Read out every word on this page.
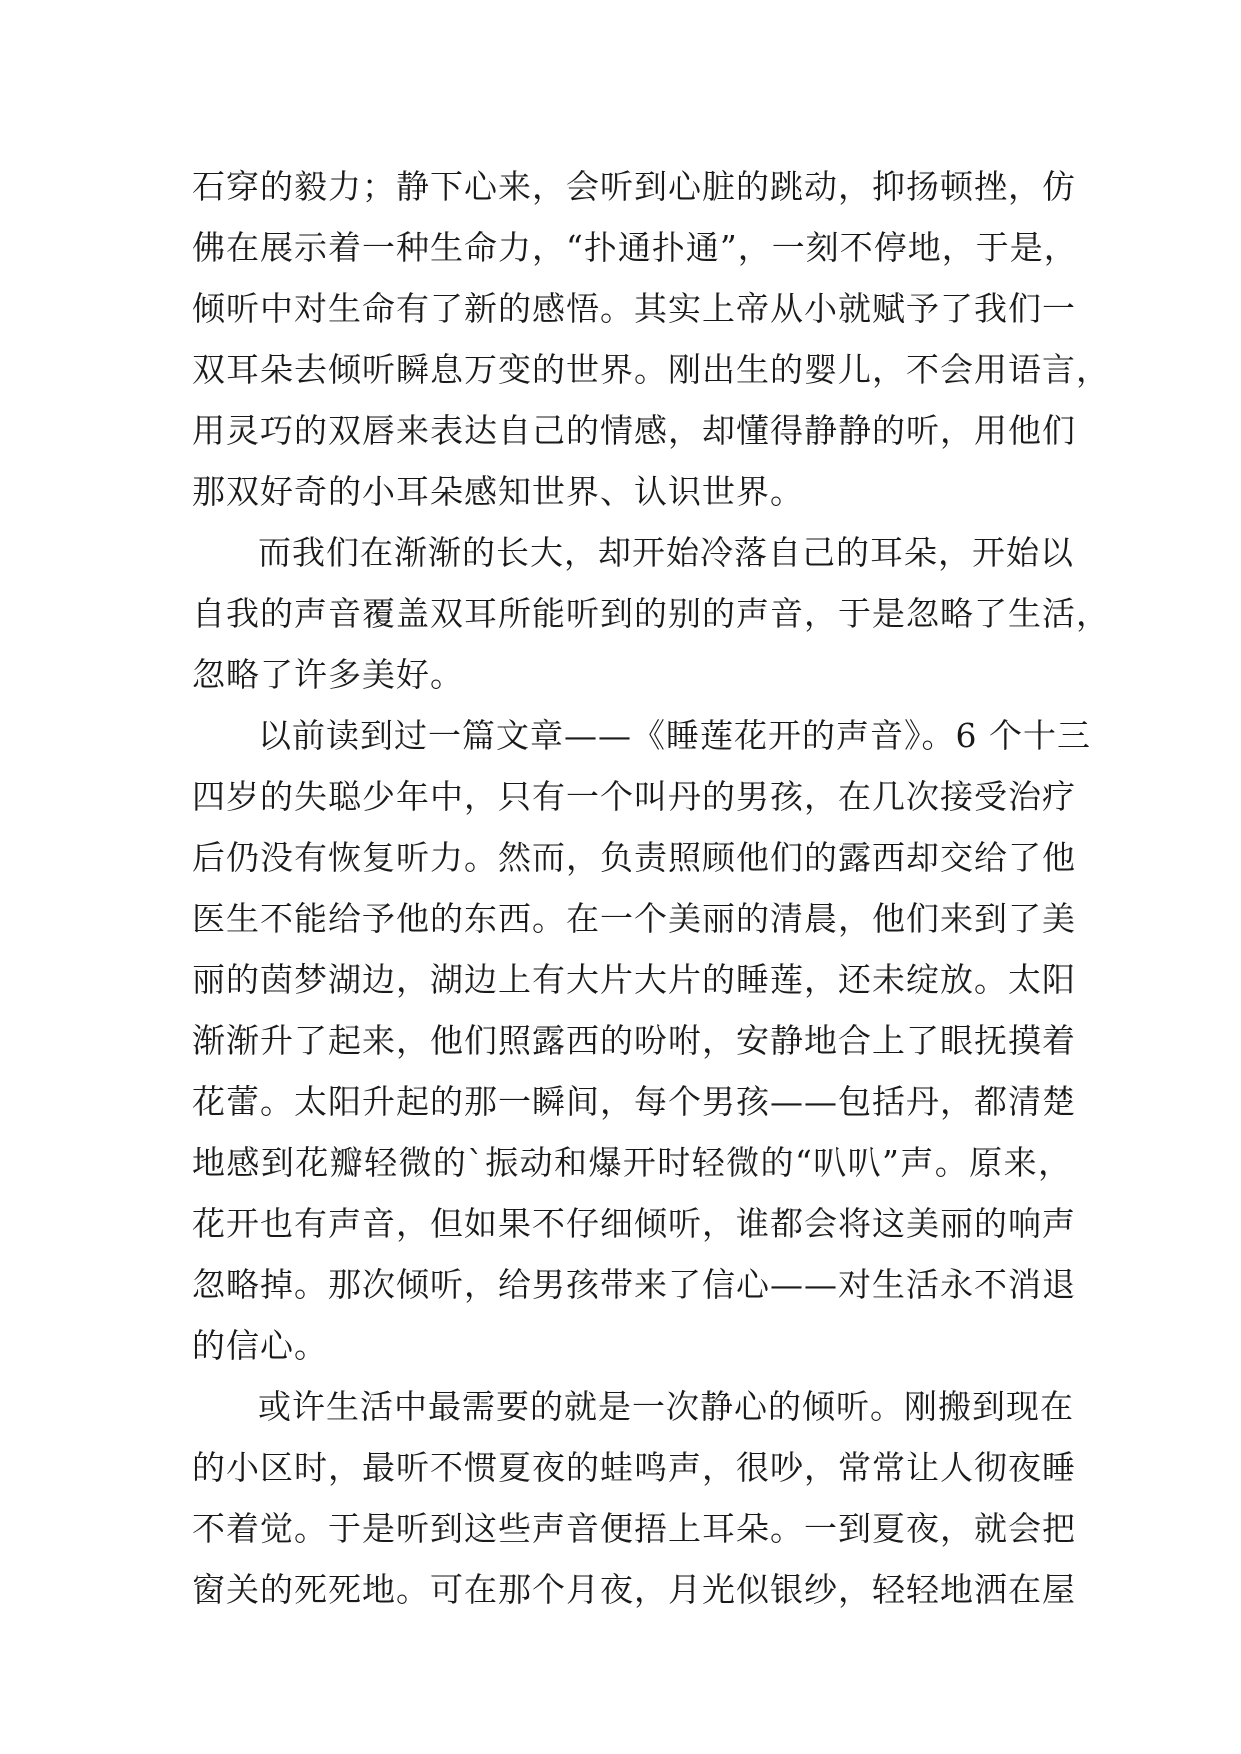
石穿的毅力；静下心来，会听到心脏的跳动，抑扬顿挫，仿
佛在展示着一种生命力，“扑通扑通”，一刻不停地，于是，
倾听中对生命有了新的感悟。其实上帝从小就赋予了我们一
双耳朵去倾听瞬息万变的世界。刚出生的婴儿，不会用语言，
用灵巧的双唇来表达自己的情感，却懂得静静的听，用他们
那双好奇的小耳朵感知世界、认识世界。
而我们在渐渐的长大，却开始冷落自己的耳朵，开始以
自我的声音覆盖双耳所能听到的别的声音，于是忽略了生活，
忽略了许多美好。
以前读到过一篇文章——《睡莲花开的声音》。6 个十三
四岁的失聪少年中，只有一个叫丹的男孩，在几次接受治疗
后仍没有恢复听力。然而，负责照顾他们的露西却交给了他
医生不能给予他的东西。在一个美丽的清晨，他们来到了美
丽的茵梦湖边，湖边上有大片大片的睡莲，还未绽放。太阳
渐渐升了起来，他们照露西的吩咐，安静地合上了眼抚摸着
花蕾。太阳升起的那一瞬间，每个男孩——包括丹，都清楚
地感到花瓣轻微的`振动和爆开时轻微的“叭叭”声。原来，
花开也有声音，但如果不仔细倾听，谁都会将这美丽的响声
忽略掉。那次倾听，给男孩带来了信心——对生活永不消退
的信心。
或许生活中最需要的就是一次静心的倾听。刚搬到现在
的小区时，最听不惯夏夜的蛙鸣声，很吵，常常让人彻夜睡
不着觉。于是听到这些声音便捂上耳朵。一到夏夜，就会把
窗关的死死地。可在那个月夜，月光似银纱，轻轻地洒在屋
